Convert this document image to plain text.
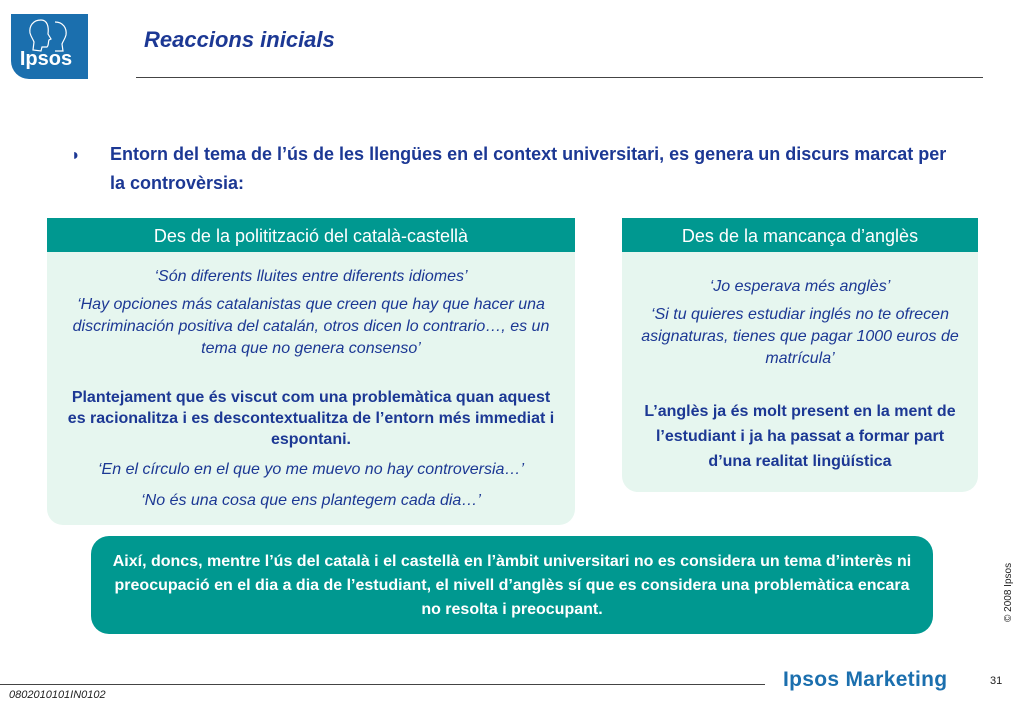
Ipsos
Reaccions inicials
◗ Entorn del tema de l’ús de les llengües en el context universitari, es genera un discurs marcat per la controvèrsia:
Des de la politització del català-castellà

‘Són diferents lluites entre diferents idiomes’

‘Hay opciones más catalanistas que creen que hay que hacer una discriminación positiva del catalán, otros dicen lo contrario…, es un tema que no genera consenso’

Plantejament que és viscut com una problemàtica quan aquest es racionalitza i es descontextualitza de l’entorn més immediat i espontani.

‘En el círculo en el que yo me muevo no hay controversia…’

‘No és una cosa que ens plantegem cada dia…’

Des de la mancança d’anglès

‘Jo esperava més anglès’

‘Si tu quieres estudiar inglés no te ofrecen asignaturas, tienes que pagar 1000 euros de matrícula’

L’anglès ja és molt present en la ment de l’estudiant i ja ha passat a formar part d’una realitat lingüística

Així, doncs, mentre l’ús del català i el castellà en l’àmbit universitari no es considera un tema d’interès ni preocupació en el dia a dia de l’estudiant, el nivell d’anglès sí que es considera una problemàtica encara no resolta i preocupant.	© 2008 Ipsos
31
0802010101IN0102
Ipsos Marketing
